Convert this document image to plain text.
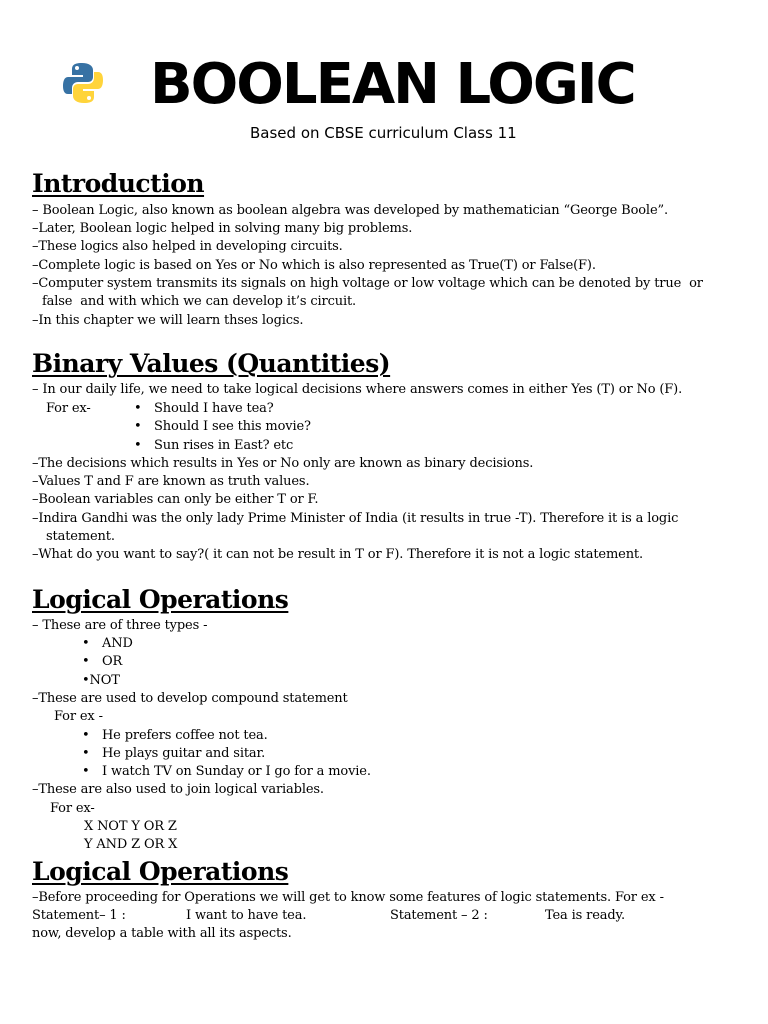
BOOLEAN LOGIC
Based on CBSE curriculum Class 11
Introduction
– Boolean Logic, also known as boolean algebra was developed by mathematician “George Boole”.
–Later, Boolean logic helped in solving many big problems.
–These logics also helped in developing circuits.
–Complete logic is based on Yes or No which is also represented as True(T) or False(F).
–Computer system transmits its signals on high voltage or low voltage which can be denoted by true  or
false  and with which we can develop it’s circuit.
–In this chapter we will learn thses logics.
Binary Values (Quantities)
– In our daily life, we need to take logical decisions where answers comes in either Yes (T) or No (F).
For ex-
•	Should I have tea?
• Should I see this movie?
• Sun rises in East? etc
–The decisions which results in Yes or No only are known as binary decisions.
–Values T and F are known as truth values.
–Boolean variables can only be either T or F.
–Indira Gandhi was the only lady Prime Minister of India (it results in true -T). Therefore it is a logic
statement.
–What do you want to say?( it can not be result in T or F). Therefore it is not a logic statement.
Logical Operations
– These are of three types -
• AND
• OR
•NOT
–These are used to develop compound statement
For ex -
• He prefers coffee not tea.
• He plays guitar and sitar.
• I watch TV on Sunday or I go for a movie.
–These are also used to join logical variables.
For ex-
X NOT Y OR Z
Y AND Z OR X
Logical Operations
–Before proceeding for Operations we will get to know some features of logic statements. For ex -
Statement– 1 :	I want to have tea.	Statement – 2 :	Tea is ready.
now, develop a table with all its aspects.
